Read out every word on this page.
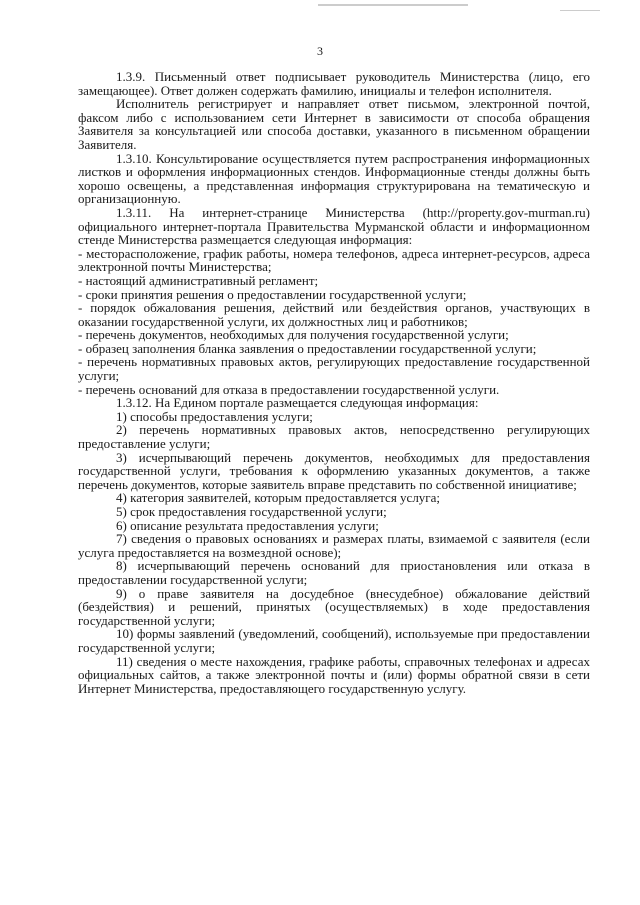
3

1.3.9. Письменный ответ подписывает руководитель Министерства (лицо, его замещающее). Ответ должен содержать фамилию, инициалы и телефон исполнителя.

Исполнитель регистрирует и направляет ответ письмом, электронной почтой, факсом либо с использованием сети Интернет в зависимости от способа обращения Заявителя за консультацией или способа доставки, указанного в письменном обращении Заявителя.

1.3.10. Консультирование осуществляется путем распространения информационных листков и оформления информационных стендов. Информационные стенды должны быть хорошо освещены, а представленная информация структурирована на тематическую и организационную.

1.3.11. На интернет-странице Министерства (http://property.gov-murman.ru) официального интернет-портала Правительства Мурманской области и информационном стенде Министерства размещается следующая информация:

- месторасположение, график работы, номера телефонов, адреса интернет-ресурсов, адреса электронной почты Министерства;

- настоящий административный регламент;

- сроки принятия решения о предоставлении государственной услуги;

- порядок обжалования решения, действий или бездействия органов, участвующих в оказании государственной услуги, их должностных лиц и работников;

- перечень документов, необходимых для получения государственной услуги;

- образец заполнения бланка заявления о предоставлении государственной услуги;

- перечень нормативных правовых актов, регулирующих предоставление государственной услуги;

- перечень оснований для отказа в предоставлении государственной услуги.

1.3.12. На Едином портале размещается следующая информация:

1) способы предоставления услуги;

2) перечень нормативных правовых актов, непосредственно регулирующих предоставление услуги;

3) исчерпывающий перечень документов, необходимых для предоставления государственной услуги, требования к оформлению указанных документов, а также перечень документов, которые заявитель вправе представить по собственной инициативе;

4) категория заявителей, которым предоставляется услуга;

5) срок предоставления государственной услуги;

6) описание результата предоставления услуги;

7) сведения о правовых основаниях и размерах платы, взимаемой с заявителя (если услуга предоставляется на возмездной основе);

8) исчерпывающий перечень оснований для приостановления или отказа в предоставлении государственной услуги;

9) о праве заявителя на досудебное (внесудебное) обжалование действий (бездействия) и решений, принятых (осуществляемых) в ходе предоставления государственной услуги;

10) формы заявлений (уведомлений, сообщений), используемые при предоставлении государственной услуги;

11) сведения о месте нахождения, графике работы, справочных телефонах и адресах официальных сайтов, а также электронной почты и (или) формы обратной связи в сети Интернет Министерства, предоставляющего государственную услугу.
